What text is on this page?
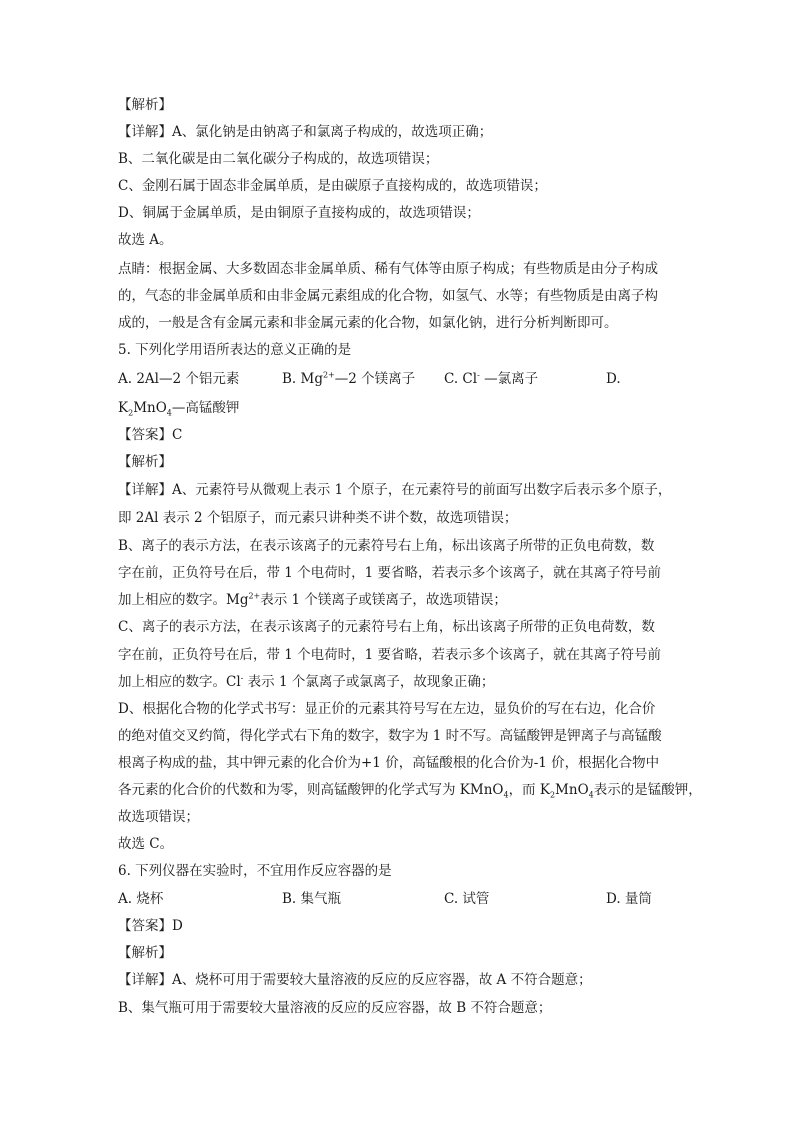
【解析】
【详解】A、氯化钠是由钠离子和氯离子构成的，故选项正确；
B、二氧化碳是由二氧化碳分子构成的，故选项错误；
C、金刚石属于固态非金属单质，是由碳原子直接构成的，故选项错误；
D、铜属于金属单质，是由铜原子直接构成的，故选项错误；
故选 A。
点睛：根据金属、大多数固态非金属单质、稀有气体等由原子构成；有些物质是由分子构成
的，气态的非金属单质和由非金属元素组成的化合物，如氢气、水等；有些物质是由离子构
成的，一般是含有金属元素和非金属元素的化合物，如氯化钠，进行分析判断即可。
5. 下列化学用语所表达的意义正确的是
A. 2Al—2 个铝元素	B. $Mg^{2+}—2$ 个镁离子 C. Cl- —氯离子	D.
$K_2MnO_4—$高锰酸钾
【答案】C
【解析】
【详解】A、元素符号从微观上表示 1 个原子，在元素符号的前面写出数字后表示多个原子，
即 2Al 表示 2 个铝原子，而元素只讲种类不讲个数，故选项错误；
B、离子的表示方法，在表示该离子的元素符号右上角，标出该离子所带的正负电荷数，数
字在前，正负符号在后，带 1 个电荷时，1 要省略，若表示多个该离子，就在其离子符号前
加上相应的数字。$Mg^{2+}$表示 1 个镁离子或镁离子，故选项错误；
C、离子的表示方法，在表示该离子的元素符号右上角，标出该离子所带的正负电荷数，数
字在前，正负符号在后，带 1 个电荷时，1 要省略，若表示多个该离子，就在其离子符号前
加上相应的数字。Cl- 表示 1 个氯离子或氯离子，故现象正确；
D、根据化合物的化学式书写：显正价的元素其符号写在左边，显负价的写在右边，化合价
的绝对值交叉约简，得化学式右下角的数字，数字为 1 时不写。高锰酸钾是钾离子与高锰酸
根离子构成的盐，其中钾元素的化合价为+1 价，高锰酸根的化合价为-1 价，根据化合物中
各元素的化合价的代数和为零，则高锰酸钾的化学式写为 KMnO$_4$，而 $K_2MnO_4$表示的是锰酸钾，
故选项错误；
故选 C。
6. 下列仪器在实验时，不宜用作反应容器的是
A. 烧杯	B. 集气瓶	C. 试管	D. 量筒
【答案】D
【解析】
【详解】A、烧杯可用于需要较大量溶液的反应的反应容器，故 A 不符合题意；
B、集气瓶可用于需要较大量溶液的反应的反应容器，故 B 不符合题意；
